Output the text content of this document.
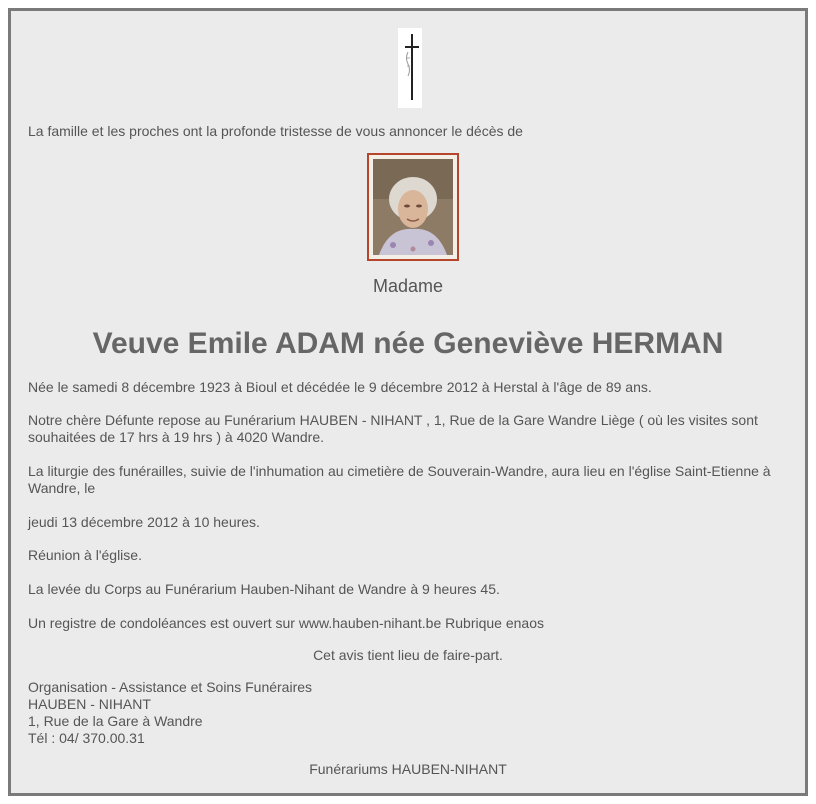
La famille et les proches ont la profonde tristesse de vous annoncer le décès de

Madame

Veuve Emile ADAM née Geneviève HERMAN

Née le samedi 8 décembre 1923 à Bioul et décédée le 9 décembre 2012 à Herstal à l'âge de 89 ans.

Notre chère Défunte repose au Funérarium HAUBEN - NIHANT , 1, Rue de la Gare Wandre Liège ( où les visites sont souhaitées de 17 hrs à 19 hrs ) à 4020 Wandre.

La liturgie des funérailles, suivie de l'inhumation au cimetière de Souverain-Wandre, aura lieu en l'église Saint-Etienne à Wandre, le

jeudi 13 décembre 2012 à 10 heures.

Réunion à l'église.

La levée du Corps au Funérarium Hauben-Nihant de Wandre à 9 heures 45.

Un registre de condoléances est ouvert sur www.hauben-nihant.be Rubrique enaos

Cet avis tient lieu de faire-part.

Organisation - Assistance et Soins Funéraires

HAUBEN - NIHANT

1, Rue de la Gare à Wandre

Tél : 04/ 370.00.31

Funérariums HAUBEN-NIHANT
